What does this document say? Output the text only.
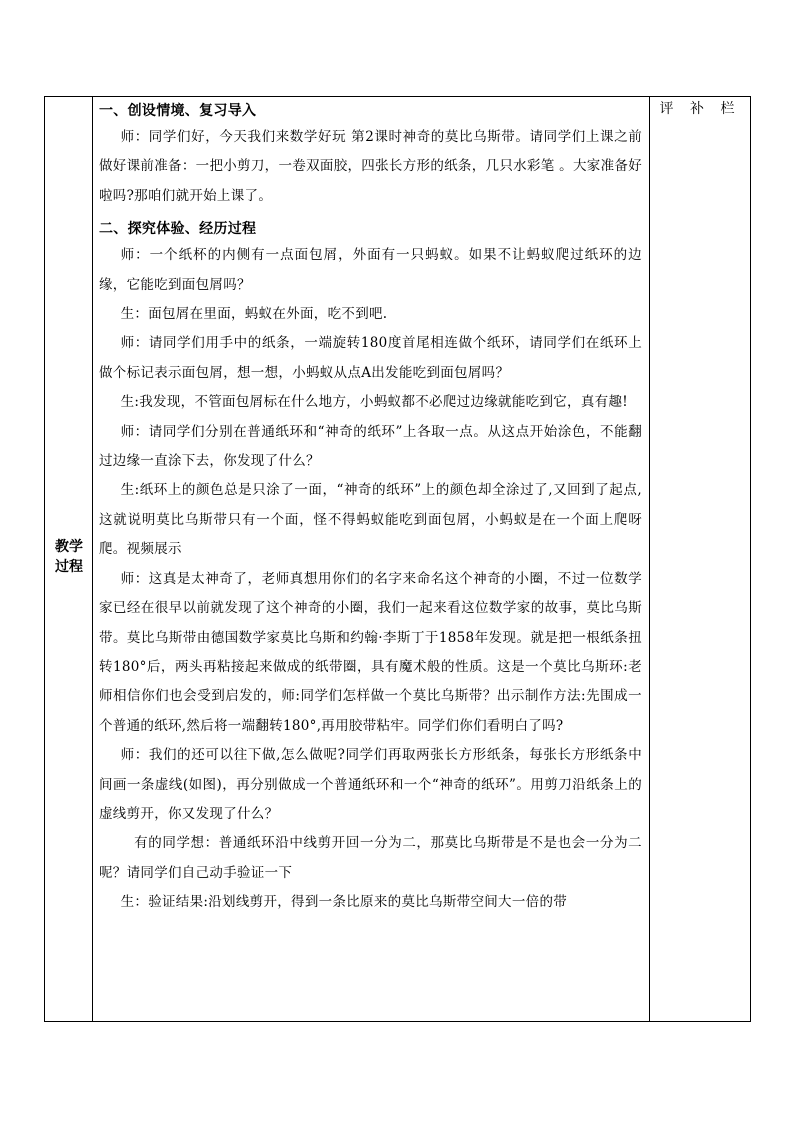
教学
过程
一、创设情境、复习导入

师：同学们好，今天我们来数学好玩 第2课时神奇的莫比乌斯带。请同学们上课之前做好课前准备：一把小剪刀，一卷双面胶，四张长方形的纸条，几只水彩笔 。大家准备好啦吗?那咱们就开始上课了。

二、探究体验、经历过程

师：一个纸杯的内侧有一点面包屑，外面有一只蚂蚁。如果不让蚂蚁爬过纸环的边缘，它能吃到面包屑吗？

生：面包屑在里面，蚂蚁在外面，吃不到吧.

师：请同学们用手中的纸条，一端旋转180度首尾相连做个纸环，请同学们在纸环上做个标记表示面包屑，想一想，小蚂蚁从点A出发能吃到面包屑吗？

生:我发现，不管面包屑标在什么地方，小蚂蚁都不必爬过边缘就能吃到它，真有趣!

师：请同学们分别在普通纸环和“神奇的纸环”上各取一点。从这点开始涂色，不能翻过边缘一直涂下去，你发现了什么？

生:纸环上的颜色总是只涂了一面，“神奇的纸环”上的颜色却全涂过了,又回到了起点,这就说明莫比乌斯带只有一个面，怪不得蚂蚁能吃到面包屑，小蚂蚁是在一个面上爬呀爬。视频展示

师：这真是太神奇了，老师真想用你们的名字来命名这个神奇的小圈，不过一位数学家已经在很早以前就发现了这个神奇的小圈，我们一起来看这位数学家的故事，莫比乌斯带。莫比乌斯带由德国数学家莫比乌斯和约翰·李斯丁于1858年发现。就是把一根纸条扭转180°后，两头再粘接起来做成的纸带圈，具有魔术般的性质。这是一个莫比乌斯环:老师相信你们也会受到启发的，师:同学们怎样做一个莫比乌斯带？出示制作方法:先围成一个普通的纸环,然后将一端翻转180°,再用胶带粘牢。同学们你们看明白了吗?

师：我们的还可以往下做,怎么做呢?同学们再取两张长方形纸条，每张长方形纸条中间画一条虚线(如图)，再分别做成一个普通纸环和一个“神奇的纸环”。用剪刀沿纸条上的虚线剪开，你又发现了什么？

有的同学想：普通纸环沿中线剪开回一分为二，那莫比乌斯带是不是也会一分为二呢？请同学们自己动手验证一下

生：验证结果:沿划线剪开，得到一条比原来的莫比乌斯带空间大一倍的带

评 补 栏
